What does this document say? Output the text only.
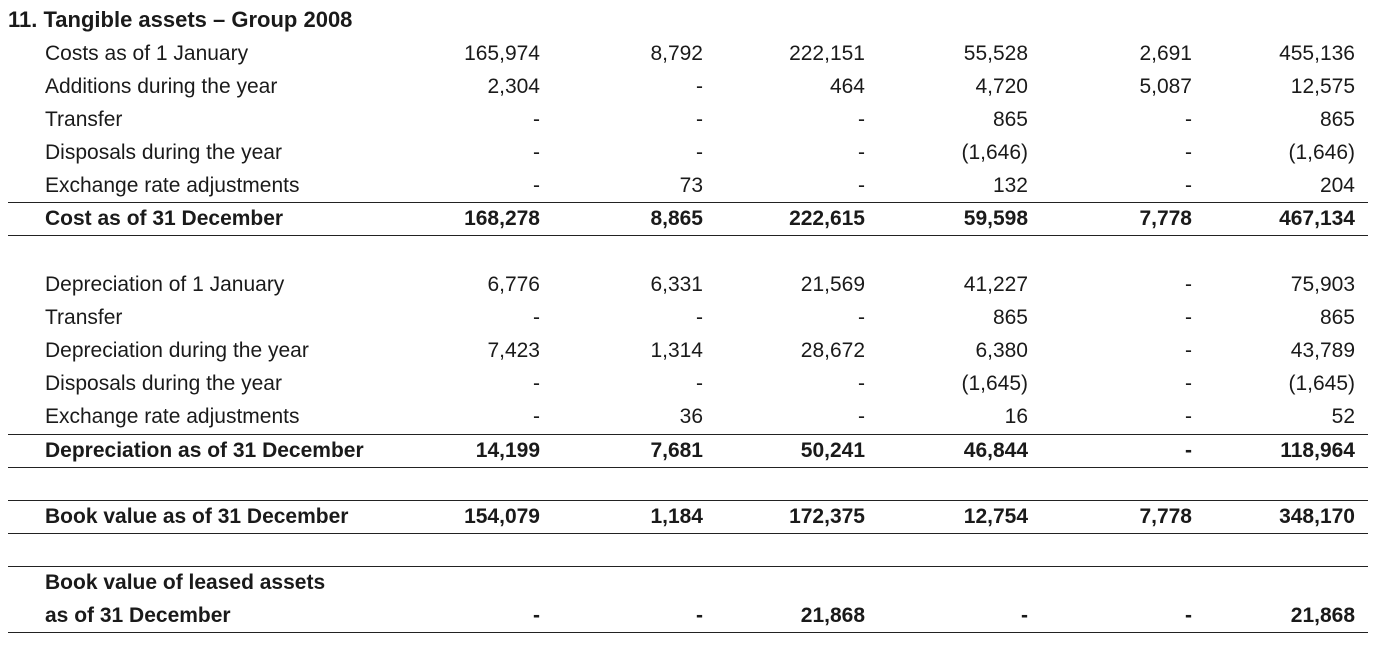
11. Tangible assets – Group 2008
Costs as of 1 January	165,974	8,792	222,151	55,528	2,691	455,136
Additions during the year	2,304	-	464	4,720	5,087	12,575
Transfer	-	-	-	865	-	865
Disposals during the year	-	-	-	(1,646)	-	(1,646)
Exchange rate adjustments	-	73	-	132	-	204
Cost as of 31 December	168,278	8,865	222,615	59,598	7,778	467,134
Depreciation of 1 January	6,776	6,331	21,569	41,227	-	75,903
Transfer	-	-	-	865	-	865
Depreciation during the year	7,423	1,314	28,672	6,380	-	43,789
Disposals during the year	-	-	-	(1,645)	-	(1,645)
Exchange rate adjustments	-	36	-	16	-	52
Depreciation as of 31 December	14,199	7,681	50,241	46,844	-	118,964
Book value as of 31 December	154,079	1,184	172,375	12,754	7,778	348,170
Book value of leased assets
as of 31 December	-	-	21,868	-	-	21,868
